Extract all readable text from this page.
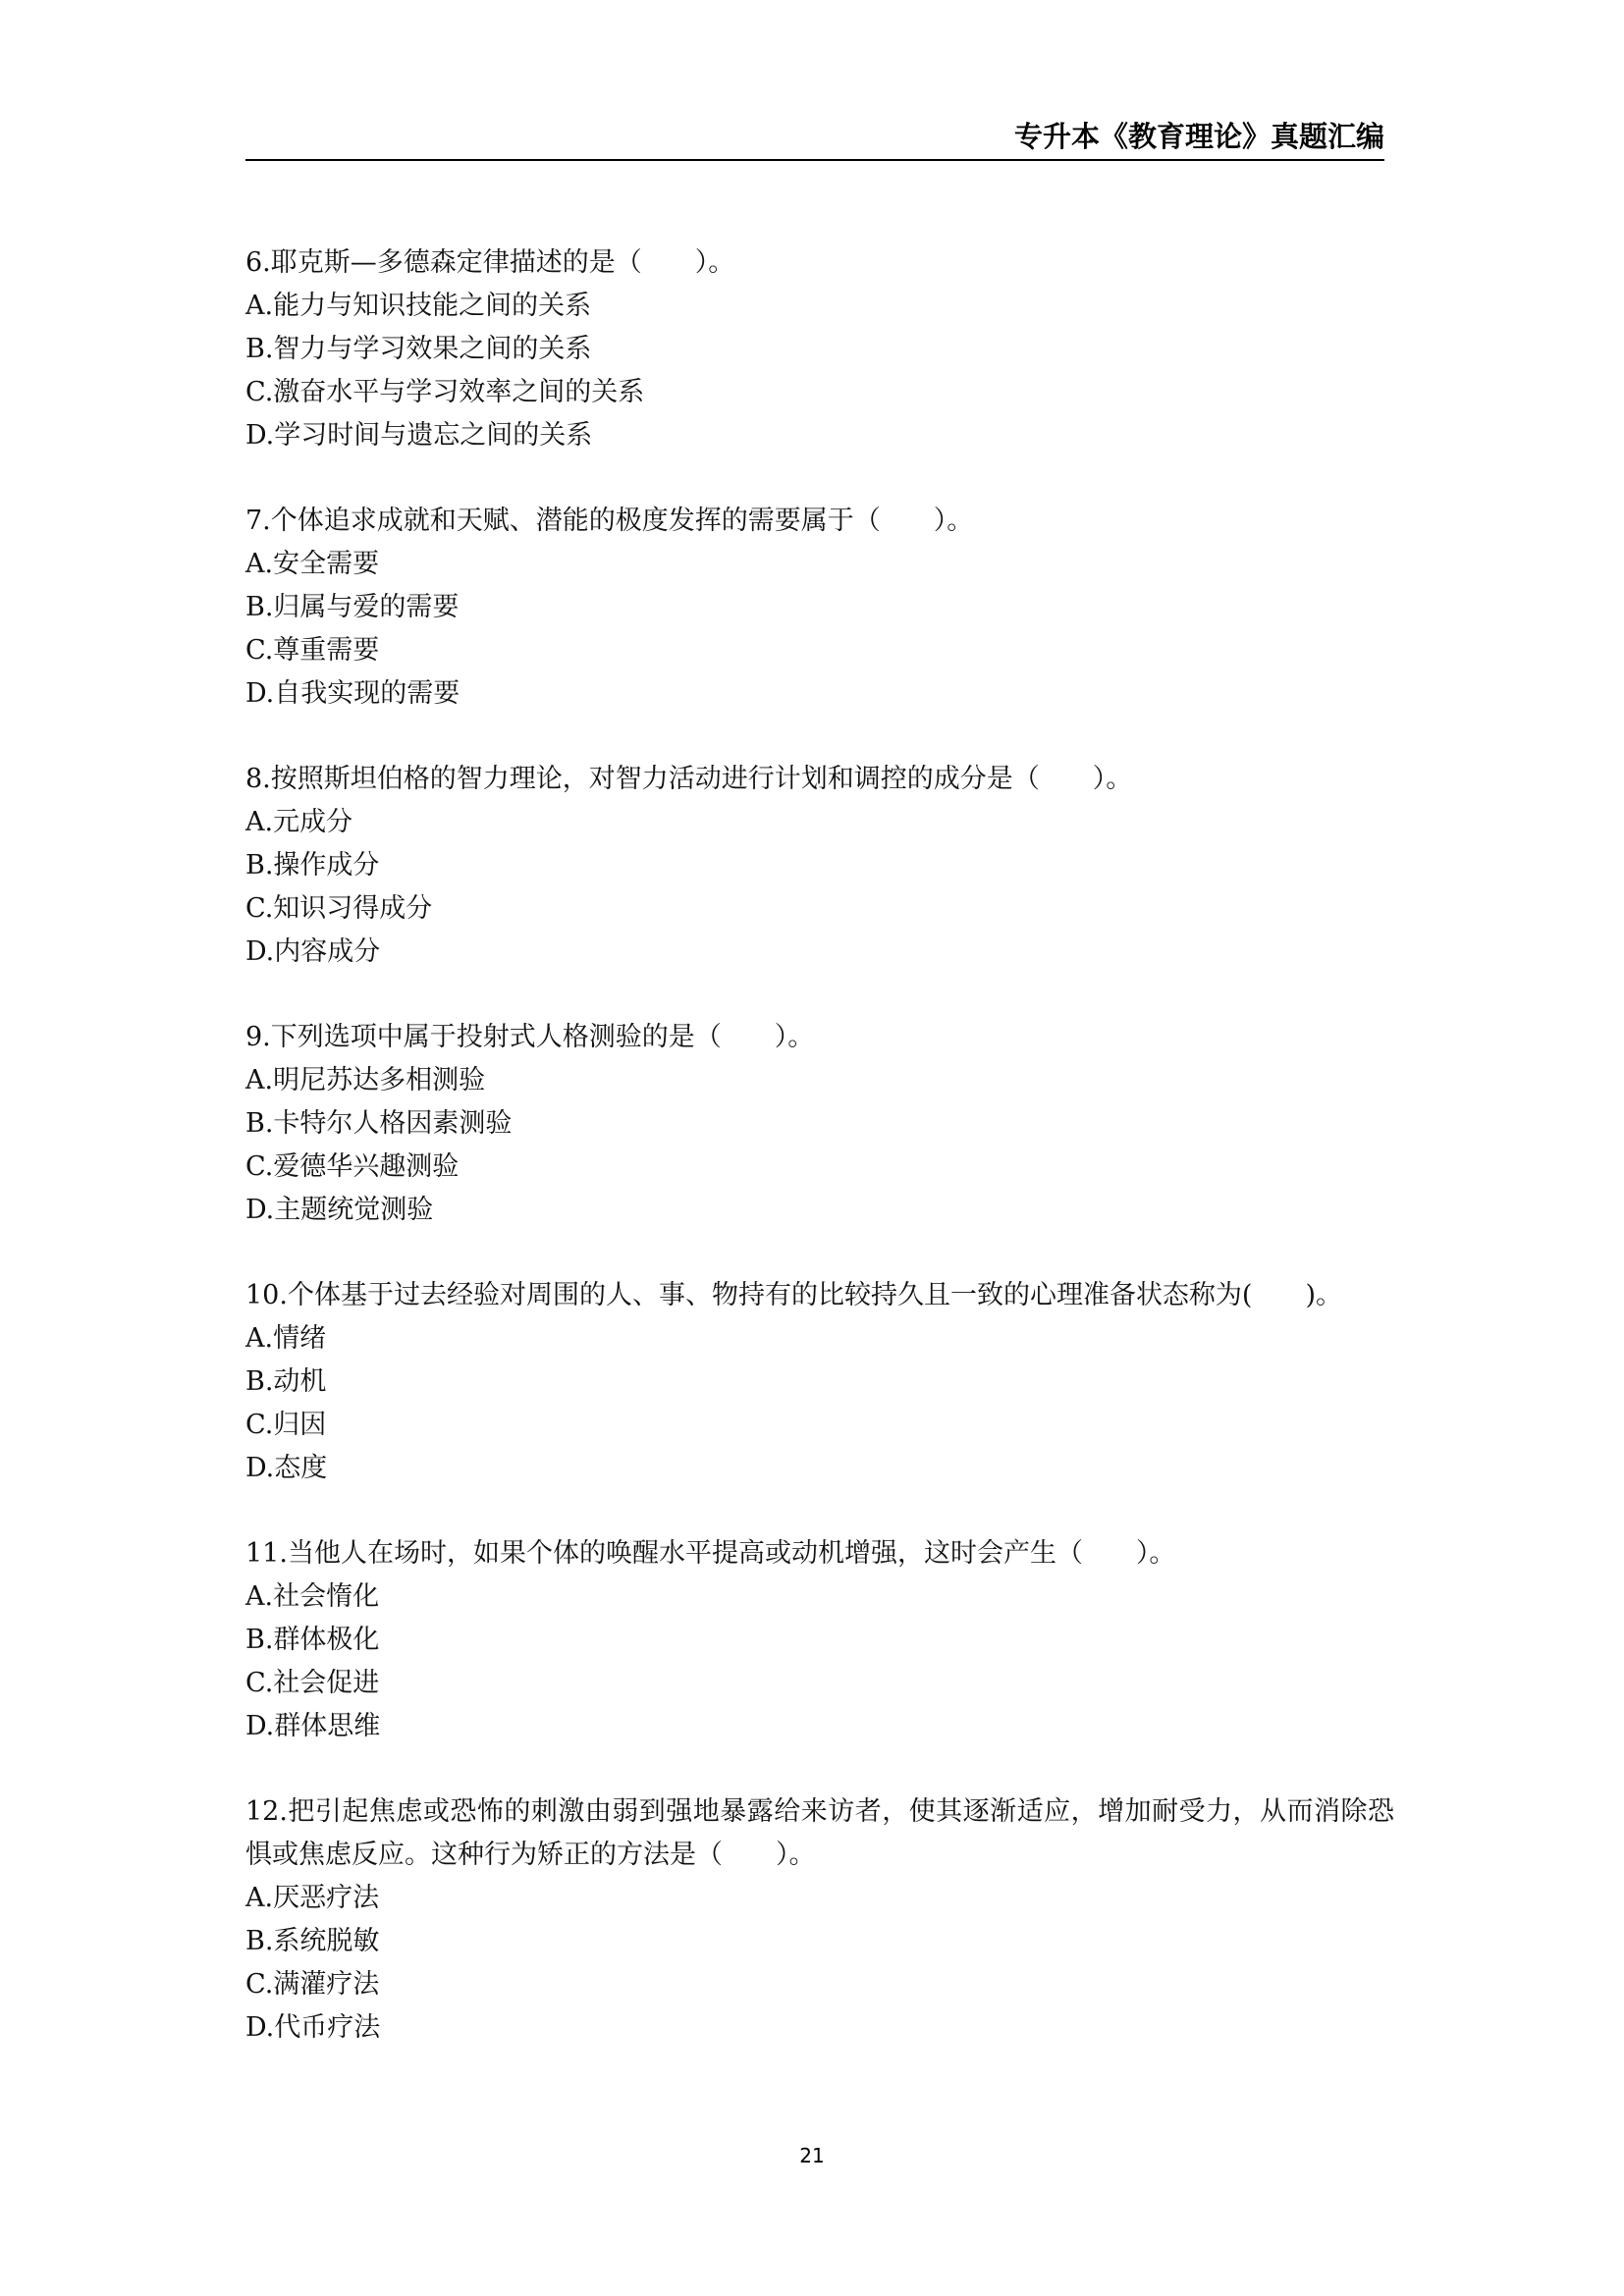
专升本《教育理论》真题汇编

6.耶克斯—多德森定律描述的是（　　）。

A.能力与知识技能之间的关系
B.智力与学习效果之间的关系
C.激奋水平与学习效率之间的关系
D.学习时间与遗忘之间的关系

7.个体追求成就和天赋、潜能的极度发挥的需要属于（　　）。

A.安全需要
B.归属与爱的需要
C.尊重需要
D.自我实现的需要

8.按照斯坦伯格的智力理论，对智力活动进行计划和调控的成分是（　　）。

A.元成分
B.操作成分
C.知识习得成分
D.内容成分

9.下列选项中属于投射式人格测验的是（　　）。

A.明尼苏达多相测验
B.卡特尔人格因素测验
C.爱德华兴趣测验
D.主题统觉测验

10.个体基于过去经验对周围的人、事、物持有的比较持久且一致的心理准备状态称为(　　)。

A.情绪
B.动机
C.归因
D.态度

11.当他人在场时，如果个体的唤醒水平提高或动机增强，这时会产生（　　）。

A.社会惰化
B.群体极化
C.社会促进
D.群体思维

12.把引起焦虑或恐怖的刺激由弱到强地暴露给来访者，使其逐渐适应，增加耐受力，从而消除恐惧或焦虑反应。这种行为矫正的方法是（　　）。

A.厌恶疗法
B.系统脱敏
C.满灌疗法
D.代币疗法
21
